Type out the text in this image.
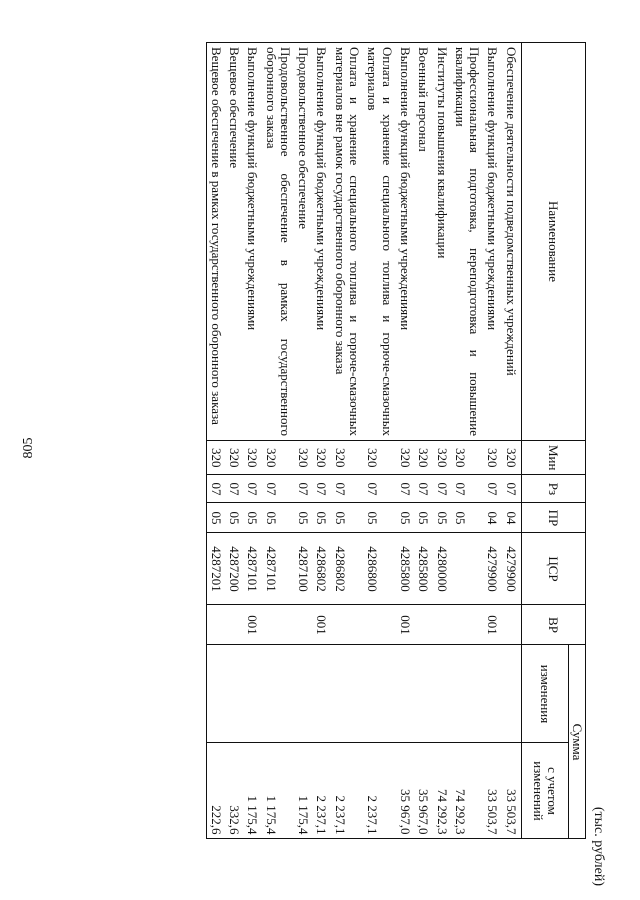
805
(тыс. рублей)
Наименование	Мин	Рз	ПР	ЦСР	ВР	Сумма	
						изменения	с учетом изменений
Обеспечение деятельности подведомственных учреждений	320	07	04	4279900			33 503,7
Выполнение функций бюджетными учреждениями	320	07	04	4279900	001		33 503,7
Профессиональная подготовка, переподготовка и повышение квалификации	320	07	05				74 292,3
Институты повышения квалификации	320	07	05	4280000			74 292,3
Военный персонал	320	07	05	4285800			35 967,0
Выполнение функций бюджетными учреждениями	320	07	05	4285800	001		35 967,0
Оплата и хранение специального топлива и горюче-смазочных материалов	320	07	05	4286800			2 237,1
Оплата и хранение специального топлива и горюче-смазочных материалов вне рамок государственного оборонного заказа	320	07	05	4286802			2 237,1
Выполнение функций бюджетными учреждениями	320	07	05	4286802	001		2 237,1
Продовольственное обеспечение	320	07	05	4287100			1 175,4
Продовольственное обеспечение в рамках государственного оборонного заказа	320	07	05	4287101			1 175,4
Выполнение функций бюджетными учреждениями	320	07	05	4287101	001		1 175,4
Вещевое обеспечение	320	07	05	4287200			332,6
Вещевое обеспечение в рамках государственного оборонного заказа	320	07	05	4287201			222,6
